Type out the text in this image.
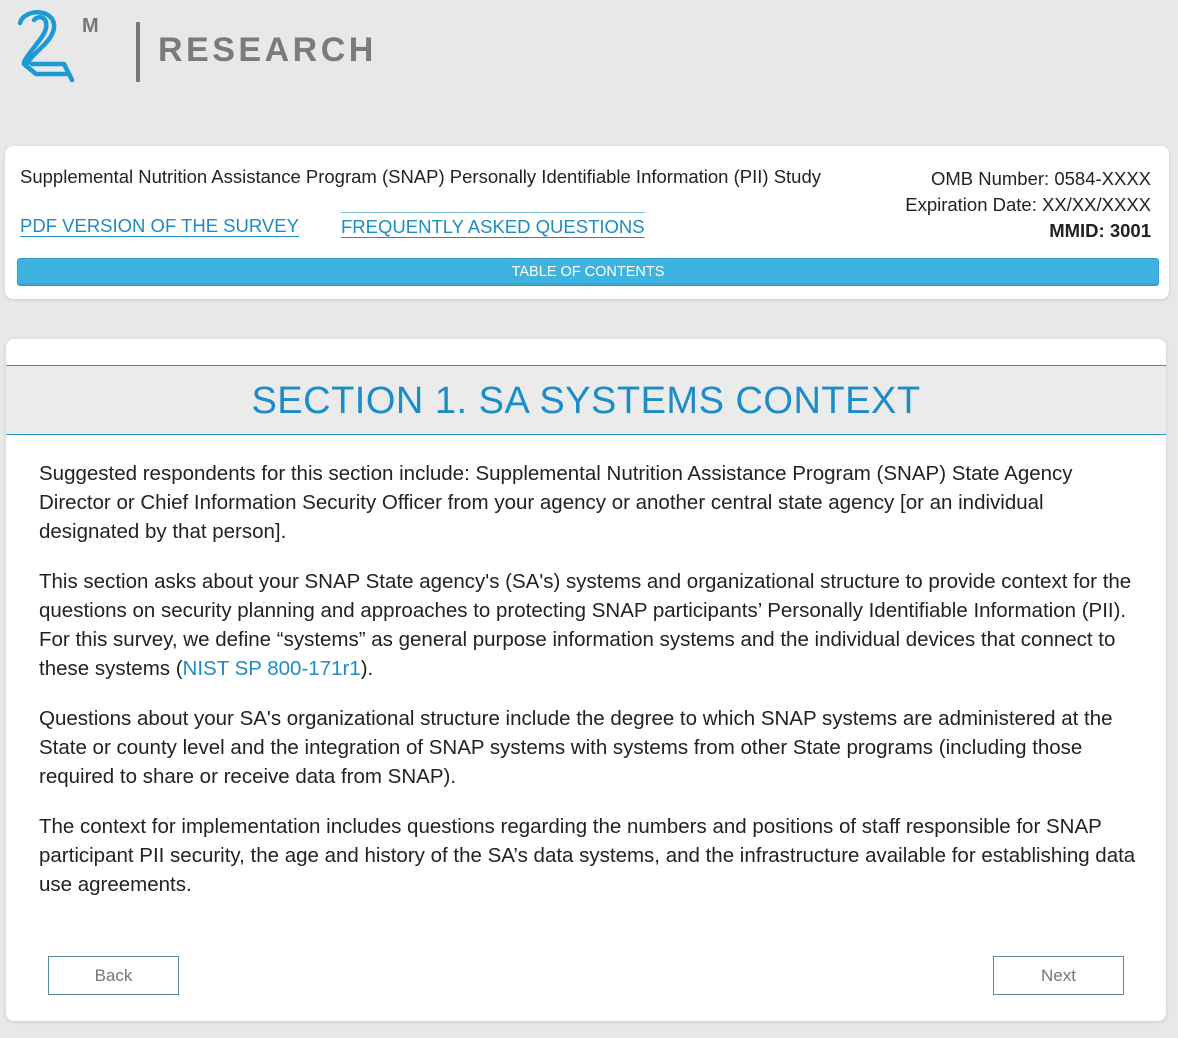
M
RESEARCH
Supplemental Nutrition Assistance Program (SNAP) Personally Identifiable Information (PII) Study	OMB Number: 0584-XXXX
Expiration Date: XX/XX/XXXX
MMID: 3001
PDF VERSION OF THE SURVEY FREQUENTLY ASKED QUESTIONS
TABLE OF CONTENTS
SECTION 1. SA SYSTEMS CONTEXT

Suggested respondents for this section include: Supplemental Nutrition Assistance Program (SNAP) State Agency Director or Chief Information Security Officer from your agency or another central state agency [or an individual designated by that person].

This section asks about your SNAP State agency's (SA's) systems and organizational structure to provide context for the questions on security planning and approaches to protecting SNAP participants’ Personally Identifiable Information (PII). For this survey, we define “systems” as general purpose information systems and the individual devices that connect to these systems (NIST SP 800-171r1).

Questions about your SA's organizational structure include the degree to which SNAP systems are administered at the State or county level and the integration of SNAP systems with systems from other State programs (including those required to share or receive data from SNAP).

The context for implementation includes questions regarding the numbers and positions of staff responsible for SNAP participant PII security, the age and history of the SA’s data systems, and the infrastructure available for establishing data use agreements.

Back	Next
